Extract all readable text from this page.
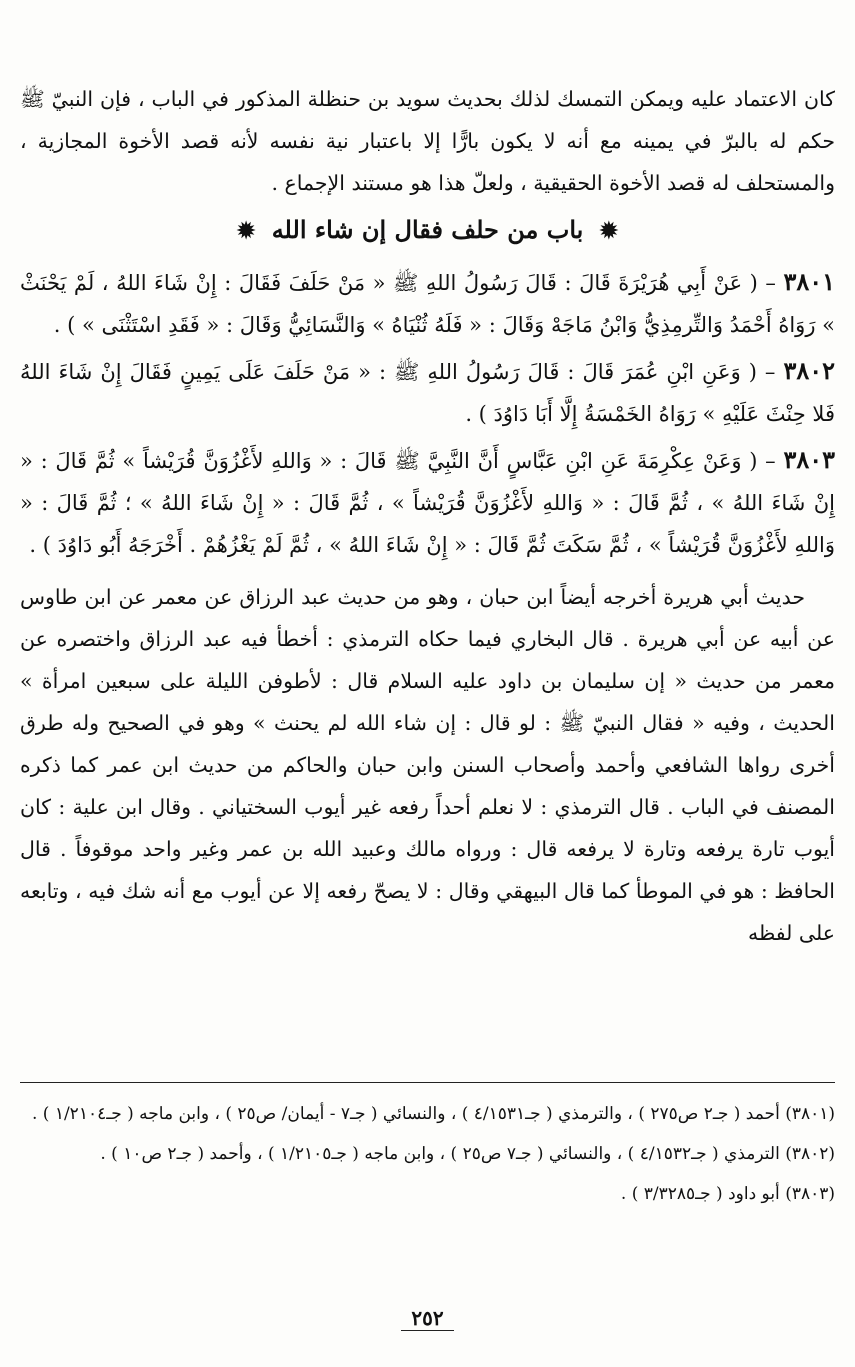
كان الاعتماد عليه ويمكن التمسك لذلك بحديث سويد بن حنظلة المذكور في الباب ، فإن النبيّ ﷺ حكم له بالبرّ في يمينه مع أنه لا يكون بارًّا إلا باعتبار نية نفسه لأنه قصد الأخوة المجازية ، والمستحلف له قصد الأخوة الحقيقية ، ولعلّ هذا هو مستند الإجماع .

✹ باب من حلف فقال إن شاء الله ✹
٣٨٠١ – ( عَنْ أَبِي هُرَيْرَةَ قَالَ : قَالَ رَسُولُ اللهِ ﷺ « مَنْ حَلَفَ فَقَالَ : إِنْ شَاءَ اللهُ ، لَمْ يَحْنَثْ » رَوَاهُ أَحْمَدُ وَالتِّرمِذِيُّ وَابْنُ مَاجَهْ وَقَالَ : « فَلَهُ ثُنْيَاهُ » وَالنَّسَائِيُّ وَقَالَ : « فَقَدِ اسْتَثْنَى » ) .
٣٨٠٢ – ( وَعَنِ ابْنِ عُمَرَ قَالَ : قَالَ رَسُولُ اللهِ ﷺ : « مَنْ حَلَفَ عَلَى يَمِينٍ فَقَالَ إِنْ شَاءَ اللهُ فَلا حِنْثَ عَلَيْهِ » رَوَاهُ الخَمْسَةُ إِلَّا أَبَا دَاوُدَ ) .
٣٨٠٣ – ( وَعَنْ عِكْرِمَةَ عَنِ ابْنِ عَبَّاسٍ أَنَّ النَّبِيَّ ﷺ قَالَ : « وَاللهِ لأَغْزُوَنَّ قُرَيْشاً » ثُمَّ قَالَ : « إِنْ شَاءَ اللهُ » ، ثُمَّ قَالَ : « وَاللهِ لأَغْزُوَنَّ قُرَيْشاً » ، ثُمَّ قَالَ : « إِنْ شَاءَ اللهُ » ؛ ثُمَّ قَالَ : « وَاللهِ لأَغْزُوَنَّ قُرَيْشاً » ، ثُمَّ سَكَتَ ثُمَّ قَالَ : « إِنْ شَاءَ اللهُ » ، ثُمَّ لَمْ يَغْزُهُمْ . أَخْرَجَهُ أَبُو دَاوُدَ ) .

حديث أبي هريرة أخرجه أيضاً ابن حبان ، وهو من حديث عبد الرزاق عن معمر عن ابن طاوس عن أبيه عن أبي هريرة . قال البخاري فيما حكاه الترمذي : أخطأ فيه عبد الرزاق واختصره عن معمر من حديث « إن سليمان بن داود عليه السلام قال : لأطوفن الليلة على سبعين امرأة » الحديث ، وفيه « فقال النبيّ ﷺ : لو قال : إن شاء الله لم يحنث » وهو في الصحيح وله طرق أخرى رواها الشافعي وأحمد وأصحاب السنن وابن حبان والحاكم من حديث ابن عمر كما ذكره المصنف في الباب . قال الترمذي : لا نعلم أحداً رفعه غير أيوب السختياني . وقال ابن علية : كان أيوب تارة يرفعه وتارة لا يرفعه قال : ورواه مالك وعبيد الله بن عمر وغير واحد موقوفاً . قال الحافظ : هو في الموطأ كما قال البيهقي وقال : لا يصحّ رفعه إلا عن أيوب مع أنه شك فيه ، وتابعه على لفظه

(٣٨٠١) أحمد ( جـ٢ ص٢٧٥ ) ، والترمذي ( جـ٤/١٥٣١ ) ، والنسائي ( جـ٧ - أيمان/ ص٢٥ ) ، وابن ماجه ( جـ١/٢١٠٤ ) .
(٣٨٠٢) الترمذي ( جـ٤/١٥٣٢ ) ، والنسائي ( جـ٧ ص٢٥ ) ، وابن ماجه ( جـ١/٢١٠٥ ) ، وأحمد ( جـ٢ ص١٠ ) .
(٣٨٠٣) أبو داود ( جـ٣/٣٢٨٥ ) .
٢٥٢
